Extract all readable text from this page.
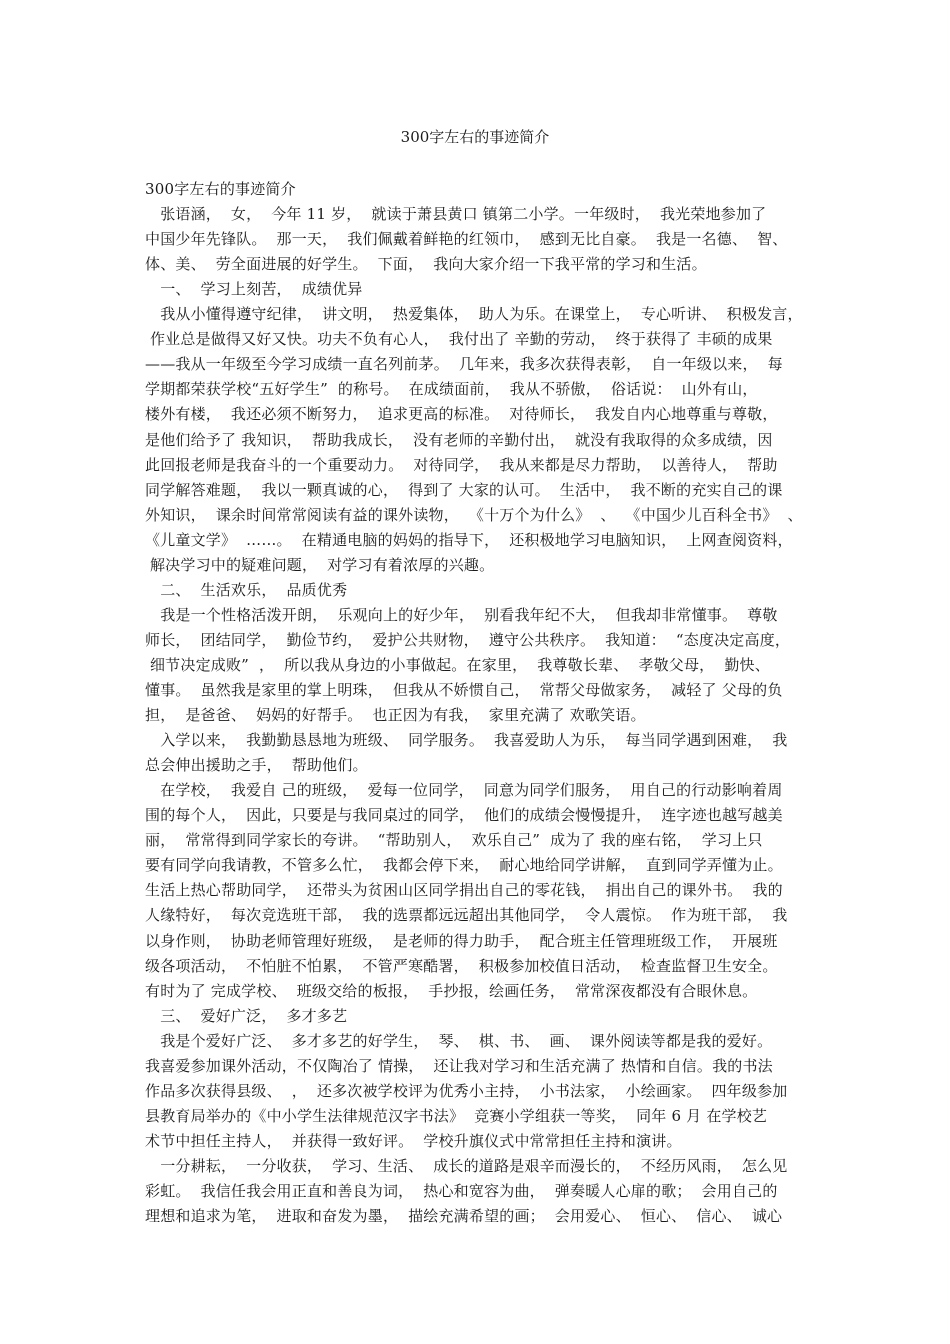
300字左右的事迹简介
300字左右的事迹简介
　张语涵，  女，  今年 11 岁，  就读于萧县黄口 镇第二小学。一年级时，  我光荣地参加了
中国少年先锋队。  那一天，  我们佩戴着鲜艳的红领巾，  感到无比自豪。  我是一名德、  智、
体、美、  劳全面进展的好学生。  下面，  我向大家介绍一下我平常的学习和生活。
　一、  学习上刻苦，  成绩优异
　我从小懂得遵守纪律，  讲文明，  热爱集体，  助人为乐。在课堂上，  专心听讲、  积极发言，
作业总是做得又好又快。功夫不负有心人，  我付出了 辛勤的劳动，  终于获得了 丰硕的成果
——我从一年级至今学习成绩一直名列前茅。  几年来，我多次获得表彰，  自一年级以来，  每
学期都荣获学校“五好学生”  的称号。  在成绩面前，  我从不骄傲，  俗话说：  山外有山，
楼外有楼，  我还必须不断努力，  追求更高的标准。  对待师长，  我发自内心地尊重与尊敬，
是他们给予了 我知识，  帮助我成长，  没有老师的辛勤付出，  就没有我取得的众多成绩，因
此回报老师是我奋斗的一个重要动力。  对待同学，  我从来都是尽力帮助，  以善待人，  帮助
同学解答难题，  我以一颗真诚的心，  得到了 大家的认可。  生活中，  我不断的充实自己的课
外知识，  课余时间常常阅读有益的课外读物，  《十万个为什么》  、  《中国少儿百科全书》  、
《儿童文学》  ……。  在精通电脑的妈妈的指导下，  还积极地学习电脑知识，  上网查阅资料，
解决学习中的疑难问题，  对学习有着浓厚的兴趣。
　二、  生活欢乐，  品质优秀
　我是一个性格活泼开朗，  乐观向上的好少年，  别看我年纪不大，  但我却非常懂事。  尊敬
师长，  团结同学，  勤俭节约，  爱护公共财物，  遵守公共秩序。  我知道：  “态度决定高度，
细节决定成败”  ，  所以我从身边的小事做起。在家里，  我尊敬长辈、  孝敬父母，  勤快、
懂事。  虽然我是家里的掌上明珠，  但我从不娇惯自己，  常帮父母做家务，  减轻了 父母的负
担，  是爸爸、  妈妈的好帮手。  也正因为有我，  家里充满了 欢歌笑语。
　入学以来，  我勤勤恳恳地为班级、  同学服务。  我喜爱助人为乐，  每当同学遇到困难，  我
总会伸出援助之手，  帮助他们。
　在学校，  我爱自 己的班级，  爱每一位同学，  同意为同学们服务，  用自己的行动影响着周
围的每个人，  因此，只要是与我同桌过的同学，  他们的成绩会慢慢提升，  连字迹也越写越美
丽，  常常得到同学家长的夸讲。  “帮助别人，  欢乐自己”  成为了 我的座右铭，  学习上只
要有同学向我请教，不管多么忙，  我都会停下来，  耐心地给同学讲解，  直到同学弄懂为止。
生活上热心帮助同学，  还带头为贫困山区同学捐出自己的零花钱，  捐出自己的课外书。  我的
人缘特好，  每次竞选班干部，  我的选票都远远超出其他同学，  令人震惊。  作为班干部，  我
以身作则，  协助老师管理好班级，  是老师的得力助手，  配合班主任管理班级工作，  开展班
级各项活动，  不怕脏不怕累，  不管严寒酷署，  积极参加校值日活动，  检查监督卫生安全。
有时为了 完成学校、  班级交给的板报，  手抄报，绘画任务，  常常深夜都没有合眼休息。
　三、  爱好广泛，  多才多艺
　我是个爱好广泛、  多才多艺的好学生，  琴、  棋、书、  画、  课外阅读等都是我的爱好。
我喜爱参加课外活动，不仅陶冶了 情操，  还让我对学习和生活充满了 热情和自信。我的书法
作品多次获得县级、  ，  还多次被学校评为优秀小主持，  小书法家，  小绘画家。  四年级参加
县教育局举办的《中小学生法律规范汉字书法》  竞赛小学组获一等奖，  同年 6 月 在学校艺
术节中担任主持人，  并获得一致好评。  学校升旗仪式中常常担任主持和演讲。
　一分耕耘，  一分收获，  学习、生活、  成长的道路是艰辛而漫长的，  不经历风雨，  怎么见
彩虹。  我信任我会用正直和善良为词，  热心和宽容为曲，  弹奏暖人心扉的歌；  会用自己的
理想和追求为笔，  进取和奋发为墨，  描绘充满希望的画；  会用爱心、  恒心、  信心、  诚心
